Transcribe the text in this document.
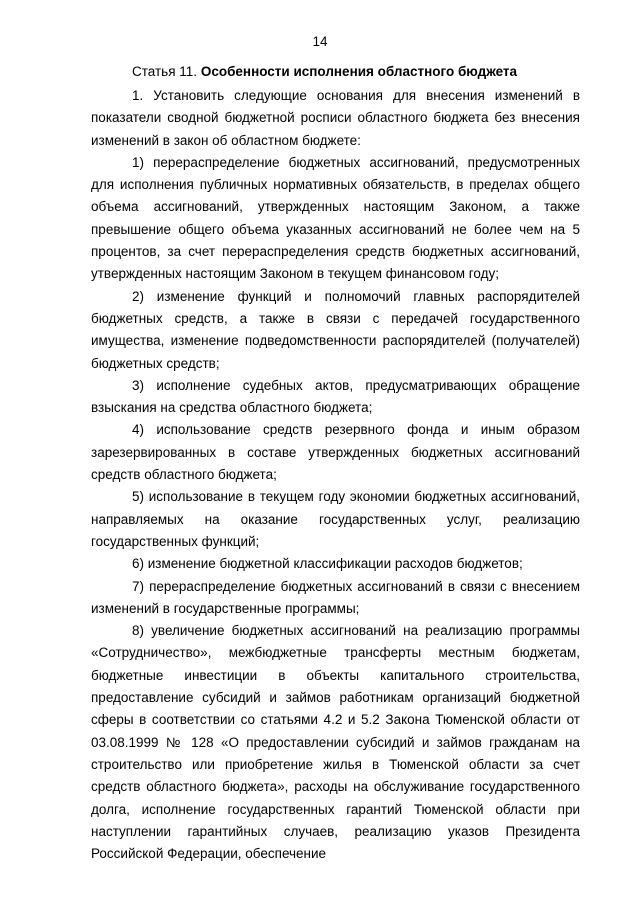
14
Статья 11. Особенности исполнения областного бюджета

1. Установить следующие основания для внесения изменений в показатели сводной бюджетной росписи областного бюджета без внесения изменений в закон об областном бюджете:

1) перераспределение бюджетных ассигнований, предусмотренных для исполнения публичных нормативных обязательств, в пределах общего объема ассигнований, утвержденных настоящим Законом, а также превышение общего объема указанных ассигнований не более чем на 5 процентов, за счет перераспределения средств бюджетных ассигнований, утвержденных настоящим Законом в текущем финансовом году;

2) изменение функций и полномочий главных распорядителей бюджетных средств, а также в связи с передачей государственного имущества, изменение подведомственности распорядителей (получателей) бюджетных средств;

3) исполнение судебных актов, предусматривающих обращение взыскания на средства областного бюджета;

4) использование средств резервного фонда и иным образом зарезервированных в составе утвержденных бюджетных ассигнований средств областного бюджета;

5) использование в текущем году экономии бюджетных ассигнований, направляемых на оказание государственных услуг, реализацию государственных функций;

6) изменение бюджетной классификации расходов бюджетов;

7) перераспределение бюджетных ассигнований в связи с внесением изменений в государственные программы;

8) увеличение бюджетных ассигнований на реализацию программы «Сотрудничество», межбюджетные трансферты местным бюджетам, бюджетные инвестиции в объекты капитального строительства, предоставление субсидий и займов работникам организаций бюджетной сферы в соответствии со статьями 4.2 и 5.2 Закона Тюменской области от 03.08.1999 № 128 «О предоставлении субсидий и займов гражданам на строительство или приобретение жилья в Тюменской области за счет средств областного бюджета», расходы на обслуживание государственного долга, исполнение государственных гарантий Тюменской области при наступлении гарантийных случаев, реализацию указов Президента Российской Федерации, обеспечение
